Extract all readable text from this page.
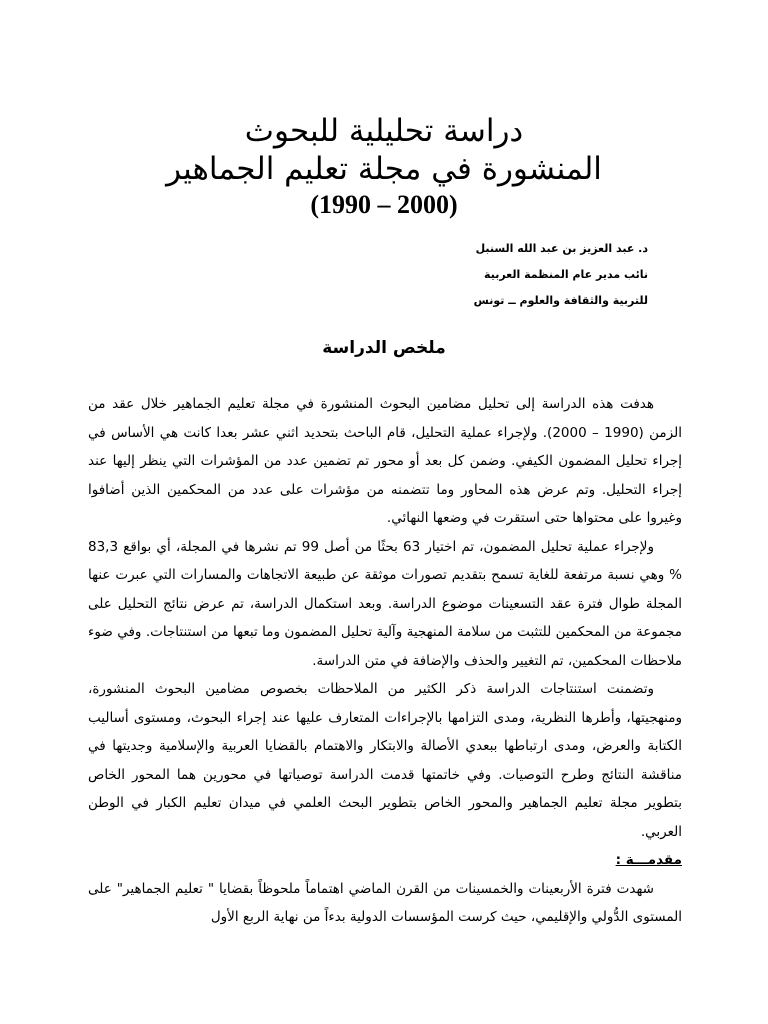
دراسة تحليلية للبحوث
المنشورة في مجلة تعليم الجماهير
(1990 – 2000)
د. عبد العزيز بن عبد الله السنبل
نائب مدير عام المنظمة العربية
للتربية والثقافة والعلوم ــ تونس
ملخص الدراسة

هدفت هذه الدراسة إلى تحليل مضامين البحوث المنشورة في مجلة تعليم الجماهير خلال عقد من الزمن (1990 – 2000). ولإجراء عملية التحليل، قام الباحث بتحديد اثني عشر بعدا كانت هي الأساس في إجراء تحليل المضمون الكيفي. وضمن كل بعد أو محور تم تضمين عدد من المؤشرات التي ينظر إليها عند إجراء التحليل. وتم عرض هذه المحاور وما تتضمنه من مؤشرات على عدد من المحكمين الذين أضافوا وغيروا على محتواها حتى استقرت في وضعها النهائي.

ولإجراء عملية تحليل المضمون، تم اختيار 63 بحثًا من أصل 99 تم نشرها في المجلة، أي بواقع 83,3 % وهي نسبة مرتفعة للغاية تسمح بتقديم تصورات موثقة عن طبيعة الاتجاهات والمسارات التي عبرت عنها المجلة طوال فترة عقد التسعينات موضوع الدراسة. وبعد استكمال الدراسة، تم عرض نتائج التحليل على مجموعة من المحكمين للتثبت من سلامة المنهجية وآلية تحليل المضمون وما تبعها من استنتاجات. وفي ضوء ملاحظات المحكمين، تم التغيير والحذف والإضافة في متن الدراسة.

وتضمنت استنتاجات الدراسة ذكر الكثير من الملاحظات بخصوص مضامين البحوث المنشورة، ومنهجيتها، وأطرها النظرية، ومدى التزامها بالإجراءات المتعارف عليها عند إجراء البحوث، ومستوى أساليب الكتابة والعرض، ومدى ارتباطها ببعدي الأصالة والابتكار والاهتمام بالقضايا العربية والإسلامية وجديتها في مناقشة النتائج وطرح التوصيات. وفي خاتمتها قدمت الدراسة توصياتها في محورين هما المحور الخاص بتطوير مجلة تعليم الجماهير والمحور الخاص بتطوير البحث العلمي في ميدان تعليم الكبار في الوطن العربي.

مقدمـــة :

شهدت فترة الأربعينات والخمسينات من القرن الماضي اهتماماً ملحوظاً بقضايا " تعليم الجماهير" على المستوى الدُّولي والإقليمي، حيث كرست المؤسسات الدولية بدءاً من نهاية الربع الأول
